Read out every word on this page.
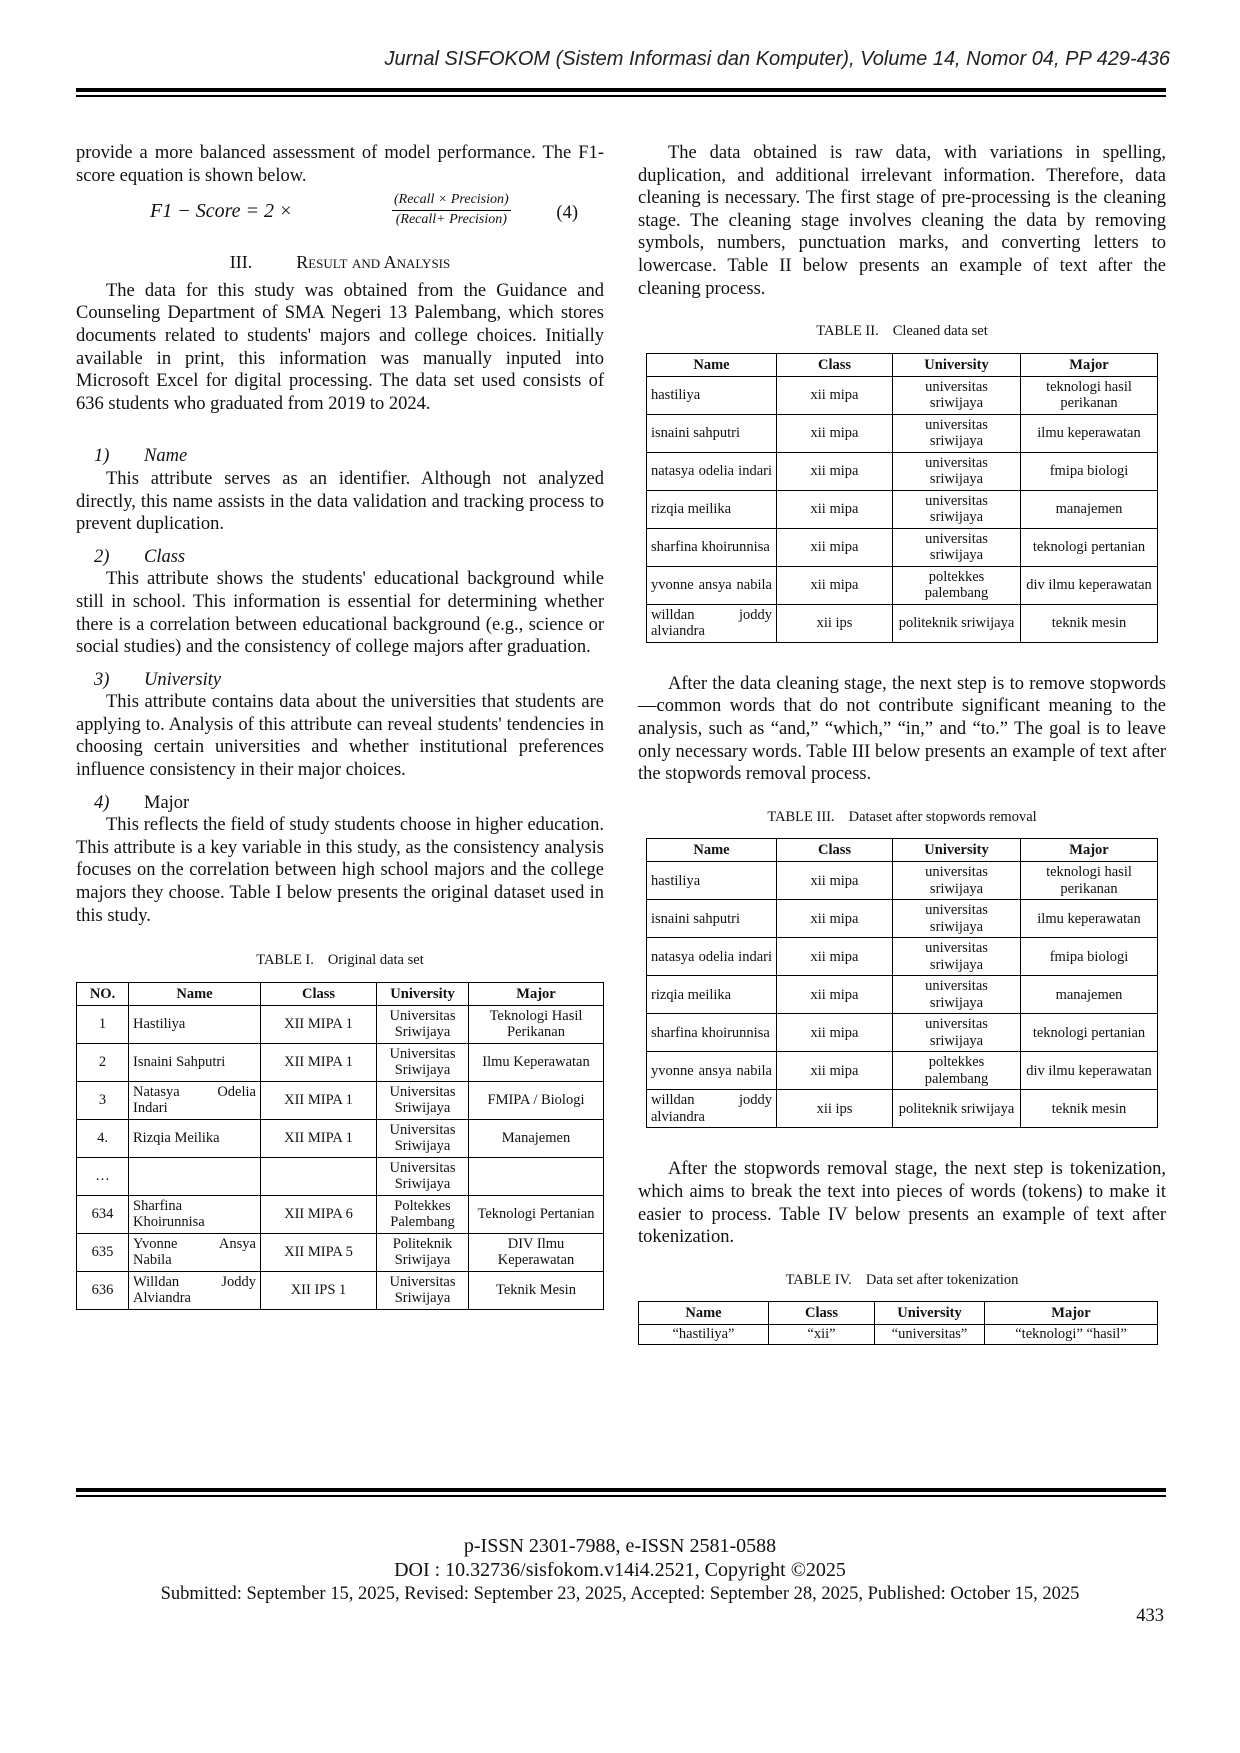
Jurnal SISFOKOM (Sistem Informasi dan Komputer), Volume 14, Nomor 04, PP 429-436

provide a more balanced assessment of model performance. The F1-score equation is shown below.

F1 − Score = 2 ×	$\frac{\text{(Recall × Precision)}}{\text{(Recall+ Precision)}} (4)$
III. Result and Analysis

The data for this study was obtained from the Guidance and Counseling Department of SMA Negeri 13 Palembang, which stores documents related to students' majors and college choices. Initially available in print, this information was manually inputed into Microsoft Excel for digital processing. The data set used consists of 636 students who graduated from 2019 to 2024.

1) Name

This attribute serves as an identifier. Although not analyzed directly, this name assists in the data validation and tracking process to prevent duplication.

2) Class

This attribute shows the students' educational background while still in school. This information is essential for determining whether there is a correlation between educational background (e.g., science or social studies) and the consistency of college majors after graduation.

3) University

This attribute contains data about the universities that students are applying to. Analysis of this attribute can reveal students' tendencies in choosing certain universities and whether institutional preferences influence consistency in their major choices.

4) Major

This reflects the field of study students choose in higher education. This attribute is a key variable in this study, as the consistency analysis focuses on the correlation between high school majors and the college majors they choose. Table I below presents the original dataset used in this study.

TABLE I. Original data set
NO.	Name	Class	University	Major
1	Hastiliya	XII MIPA 1	Universitas Sriwijaya	Teknologi Hasil Perikanan
2	Isnaini Sahputri	XII MIPA 1	Universitas Sriwijaya	Ilmu Keperawatan
3	Natasya Odelia Indari	XII MIPA 1	Universitas Sriwijaya	FMIPA / Biologi
4.	Rizqia Meilika	XII MIPA 1	Universitas Sriwijaya	Manajemen
…			Universitas Sriwijaya	
634	Sharfina Khoirunnisa	XII MIPA 6	Poltekkes Palembang	Teknologi Pertanian
635	Yvonne Ansya Nabila	XII MIPA 5	Politeknik Sriwijaya	DIV Ilmu Keperawatan
636	Willdan Joddy Alviandra	XII IPS 1	Universitas Sriwijaya	Teknik Mesin

The data obtained is raw data, with variations in spelling, duplication, and additional irrelevant information. Therefore, data cleaning is necessary. The first stage of pre-processing is the cleaning stage. The cleaning stage involves cleaning the data by removing symbols, numbers, punctuation marks, and converting letters to lowercase. Table II below presents an example of text after the cleaning process.

TABLE II. Cleaned data set
Name	Class	University	Major
hastiliya	xii mipa	universitas sriwijaya	teknologi hasil perikanan
isnaini sahputri	xii mipa	universitas sriwijaya	ilmu keperawatan
natasya odelia indari	xii mipa	universitas sriwijaya	fmipa biologi
rizqia meilika	xii mipa	universitas sriwijaya	manajemen
sharfina khoirunnisa	xii mipa	universitas sriwijaya	teknologi pertanian
yvonne ansya nabila	xii mipa	poltekkes palembang	div ilmu keperawatan
willdan joddy alviandra	xii ips	politeknik sriwijaya	teknik mesin

After the data cleaning stage, the next step is to remove stopwords —common words that do not contribute significant meaning to the analysis, such as “and,” “which,” “in,” and “to.” The goal is to leave only necessary words. Table III below presents an example of text after the stopwords removal process.

TABLE III. Dataset after stopwords removal
Name	Class	University	Major
hastiliya	xii mipa	universitas sriwijaya	teknologi hasil perikanan
isnaini sahputri	xii mipa	universitas sriwijaya	ilmu keperawatan
natasya odelia indari	xii mipa	universitas sriwijaya	fmipa biologi
rizqia meilika	xii mipa	universitas sriwijaya	manajemen
sharfina khoirunnisa	xii mipa	universitas sriwijaya	teknologi pertanian
yvonne ansya nabila	xii mipa	poltekkes palembang	div ilmu keperawatan
willdan joddy alviandra	xii ips	politeknik sriwijaya	teknik mesin

After the stopwords removal stage, the next step is tokenization, which aims to break the text into pieces of words (tokens) to make it easier to process. Table IV below presents an example of text after tokenization.

TABLE IV. Data set after tokenization
Name	Class	University	Major
“hastiliya”	“xii”	“universitas”	“teknologi” “hasil”
p-ISSN 2301-7988, e-ISSN 2581-0588
DOI : 10.32736/sisfokom.v14i4.2521, Copyright ©2025
Submitted: September 15, 2025, Revised: September 23, 2025, Accepted: September 28, 2025, Published: October 15, 2025
433
